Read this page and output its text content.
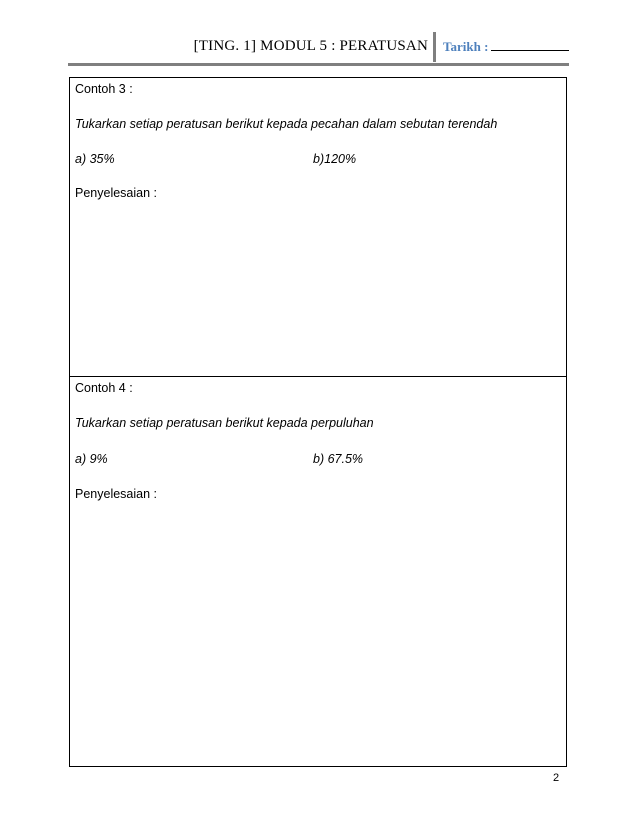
[TING. 1] MODUL 5 : PERATUSAN Tarikh :
Contoh 3 :
Tukarkan setiap peratusan berikut kepada pecahan dalam sebutan terendah
a) 35%	b)120%
Penyelesaian :
Contoh 4 :
Tukarkan setiap peratusan berikut kepada perpuluhan
a) 9%	b) 67.5%
Penyelesaian :
2
